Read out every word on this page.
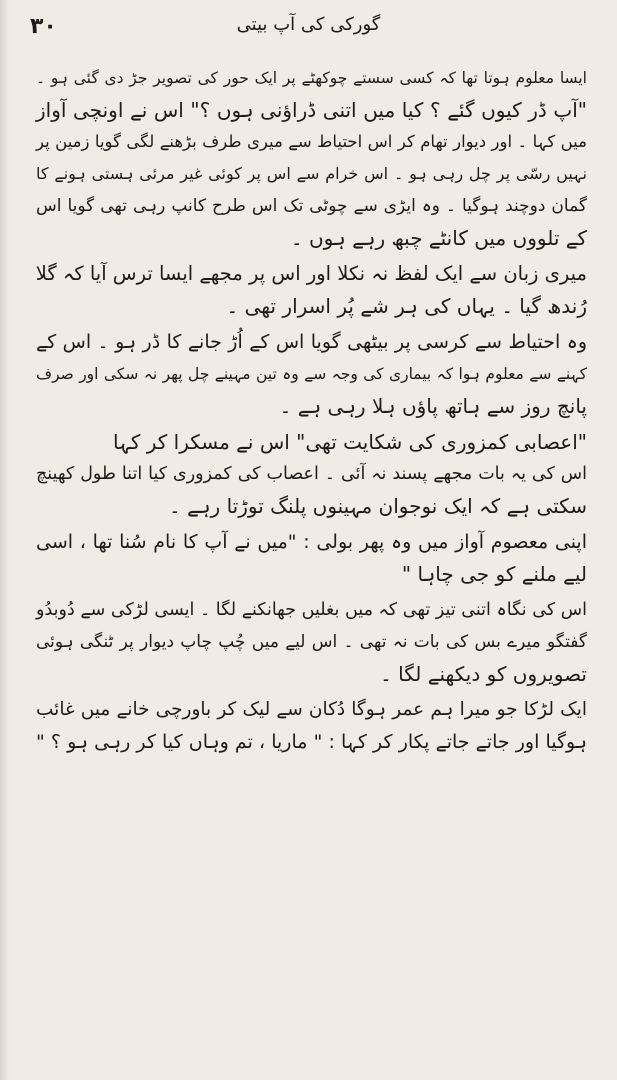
٣٠	گورکی کی آپ بیتی
ایسا معلوم ہوتا تھا کہ کسی سستے چوکھٹے پر ایک حور کی تصویر جڑ دی گئی ہو ۔
"آپ ڈر کیوں گئے ؟ کیا میں اتنی ڈراؤنی ہوں ؟" اس نے اونچی آواز
میں کہا ۔ اور دیوار تھام کر اس احتیاط سے میری طرف بڑھنے لگی گویا زمین پر
نہیں رسّی پر چل رہی ہو ۔ اس خرام سے اس پر کوئی غیر مرئی ہستی ہونے کا
گمان دوچند ہوگیا ۔ وہ ایڑی سے چوٹی تک اس طرح کانپ رہی تھی گویا اس
کے تلووں میں کانٹے چبھ رہے ہوں ۔
میری زبان سے ایک لفظ نہ نکلا اور اس پر مجھے ایسا ترس آیا کہ گلا
رُندھ گیا ۔ یہاں کی ہر شے پُر اسرار تھی ۔
وہ احتیاط سے کرسی پر بیٹھی گویا اس کے اُڑ جانے کا ڈر ہو ۔ اس کے
کہنے سے معلوم ہوا کہ بیماری کی وجہ سے وہ تین مہینے چل پھر نہ سکی اور صرف
پانچ روز سے ہاتھ پاؤں ہلا رہی ہے ۔
"اعصابی کمزوری کی شکایت تھی" اس نے مسکرا کر کہا
اس کی یہ بات مجھے پسند نہ آئی ۔ اعصاب کی کمزوری کیا اتنا طول کھینچ
سکتی ہے کہ ایک نوجوان مہینوں پلنگ توڑتا رہے ۔
اپنی معصوم آواز میں وہ پھر بولی : "میں نے آپ کا نام سُنا تھا ، اسی
لیے ملنے کو جی چاہا "
اس کی نگاہ اتنی تیز تھی کہ میں بغلیں جھانکنے لگا ۔ ایسی لڑکی سے دُوبدُو
گفتگو میرے بس کی بات نہ تھی ۔ اس لیے میں چُپ چاپ دیوار پر ٹنگی ہوئی
تصویروں کو دیکھنے لگا ۔
ایک لڑکا جو میرا ہم عمر ہوگا دُکان سے لیک کر باورچی خانے میں غائب
ہوگیا اور جاتے جاتے پکار کر کہا : " ماریا ، تم وہاں کیا کر رہی ہو ؟ "
